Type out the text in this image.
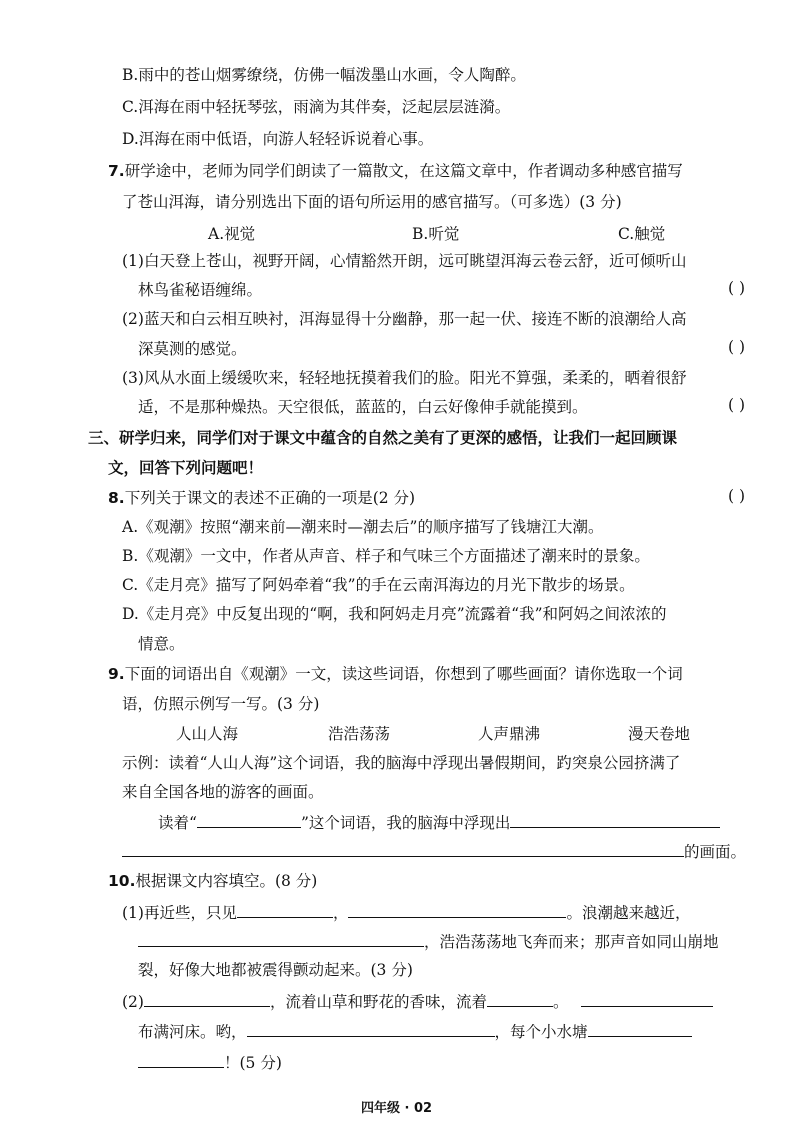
B.雨中的苍山烟雾缭绕，仿佛一幅泼墨山水画，令人陶醉。
C.洱海在雨中轻抚琴弦，雨滴为其伴奏，泛起层层涟漪。
D.洱海在雨中低语，向游人轻轻诉说着心事。
7.研学途中，老师为同学们朗读了一篇散文，在这篇文章中，作者调动多种感官描写
了苍山洱海，请分别选出下面的语句所运用的感官描写。（可多选）(3 分)
A.视觉	B.听觉	C.触觉
(1)白天登上苍山，视野开阔，心情豁然开朗，远可眺望洱海云卷云舒，近可倾听山
林鸟雀秘语缠绵。	( )
(2)蓝天和白云相互映衬，洱海显得十分幽静，那一起一伏、接连不断的浪潮给人高
深莫测的感觉。	( )
(3)风从水面上缓缓吹来，轻轻地抚摸着我们的脸。阳光不算强，柔柔的，晒着很舒
适，不是那种燥热。天空很低，蓝蓝的，白云好像伸手就能摸到。	( )
三、研学归来，同学们对于课文中蕴含的自然之美有了更深的感悟，让我们一起回顾课
文，回答下列问题吧！
8.下列关于课文的表述不正确的一项是(2 分)	( )
A.《观潮》按照“潮来前—潮来时—潮去后”的顺序描写了钱塘江大潮。
B.《观潮》一文中，作者从声音、样子和气味三个方面描述了潮来时的景象。
C.《走月亮》描写了阿妈牵着“我”的手在云南洱海边的月光下散步的场景。
D.《走月亮》中反复出现的“啊，我和阿妈走月亮”流露着“我”和阿妈之间浓浓的
情意。
9.下面的词语出自《观潮》一文，读这些词语，你想到了哪些画面？请你选取一个词
语，仿照示例写一写。(3 分)
人山人海	浩浩荡荡	人声鼎沸	漫天卷地
示例：读着“人山人海”这个词语，我的脑海中浮现出暑假期间，趵突泉公园挤满了
来自全国各地的游客的画面。
读着“	”这个词语，我的脑海中浮现出
的画面。
10.根据课文内容填空。(8 分)
(1)再近些，只见	，	。浪潮越来越近，
，浩浩荡荡地飞奔而来；那声音如同山崩地
裂，好像大地都被震得颤动起来。(3 分)
(2)	，流着山草和野花的香味，流着	。
布满河床。哟，	，每个小水塘
！(5 分)
四年级 · 02
